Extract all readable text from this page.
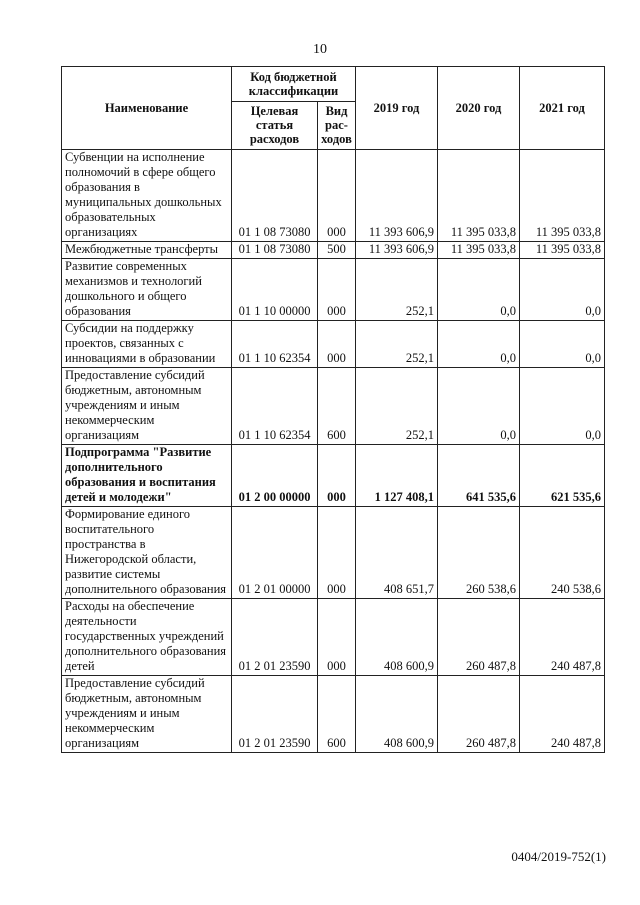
10
Наименование	Код бюджетной классификации		2019 год	2020 год	2021 год
	Целевая статья расходов	Вид рас-ходов			
Субвенции на исполнение полномочий в сфере общего образования в муниципальных дошкольных образовательных организациях	01 1 08 73080	000	11 393 606,9	11 395 033,8	11 395 033,8
Межбюджетные трансферты	01 1 08 73080	500	11 393 606,9	11 395 033,8	11 395 033,8
Развитие современных механизмов и технологий дошкольного и общего образования	01 1 10 00000	000	252,1	0,0	0,0
Субсидии на поддержку проектов, связанных с инновациями в образовании	01 1 10 62354	000	252,1	0,0	0,0
Предоставление субсидий бюджетным, автономным учреждениям и иным некоммерческим организациям	01 1 10 62354	600	252,1	0,0	0,0
Подпрограмма "Развитие дополнительного образования и воспитания детей и молодежи"	01 2 00 00000	000	1 127 408,1	641 535,6	621 535,6
Формирование единого воспитательного пространства в Нижегородской области, развитие системы дополнительного образования	01 2 01 00000	000	408 651,7	260 538,6	240 538,6
Расходы на обеспечение деятельности государственных учреждений дополнительного образования детей	01 2 01 23590	000	408 600,9	260 487,8	240 487,8
Предоставление субсидий бюджетным, автономным учреждениям и иным некоммерческим организациям	01 2 01 23590	600	408 600,9	260 487,8	240 487,8
0404/2019-752(1)
